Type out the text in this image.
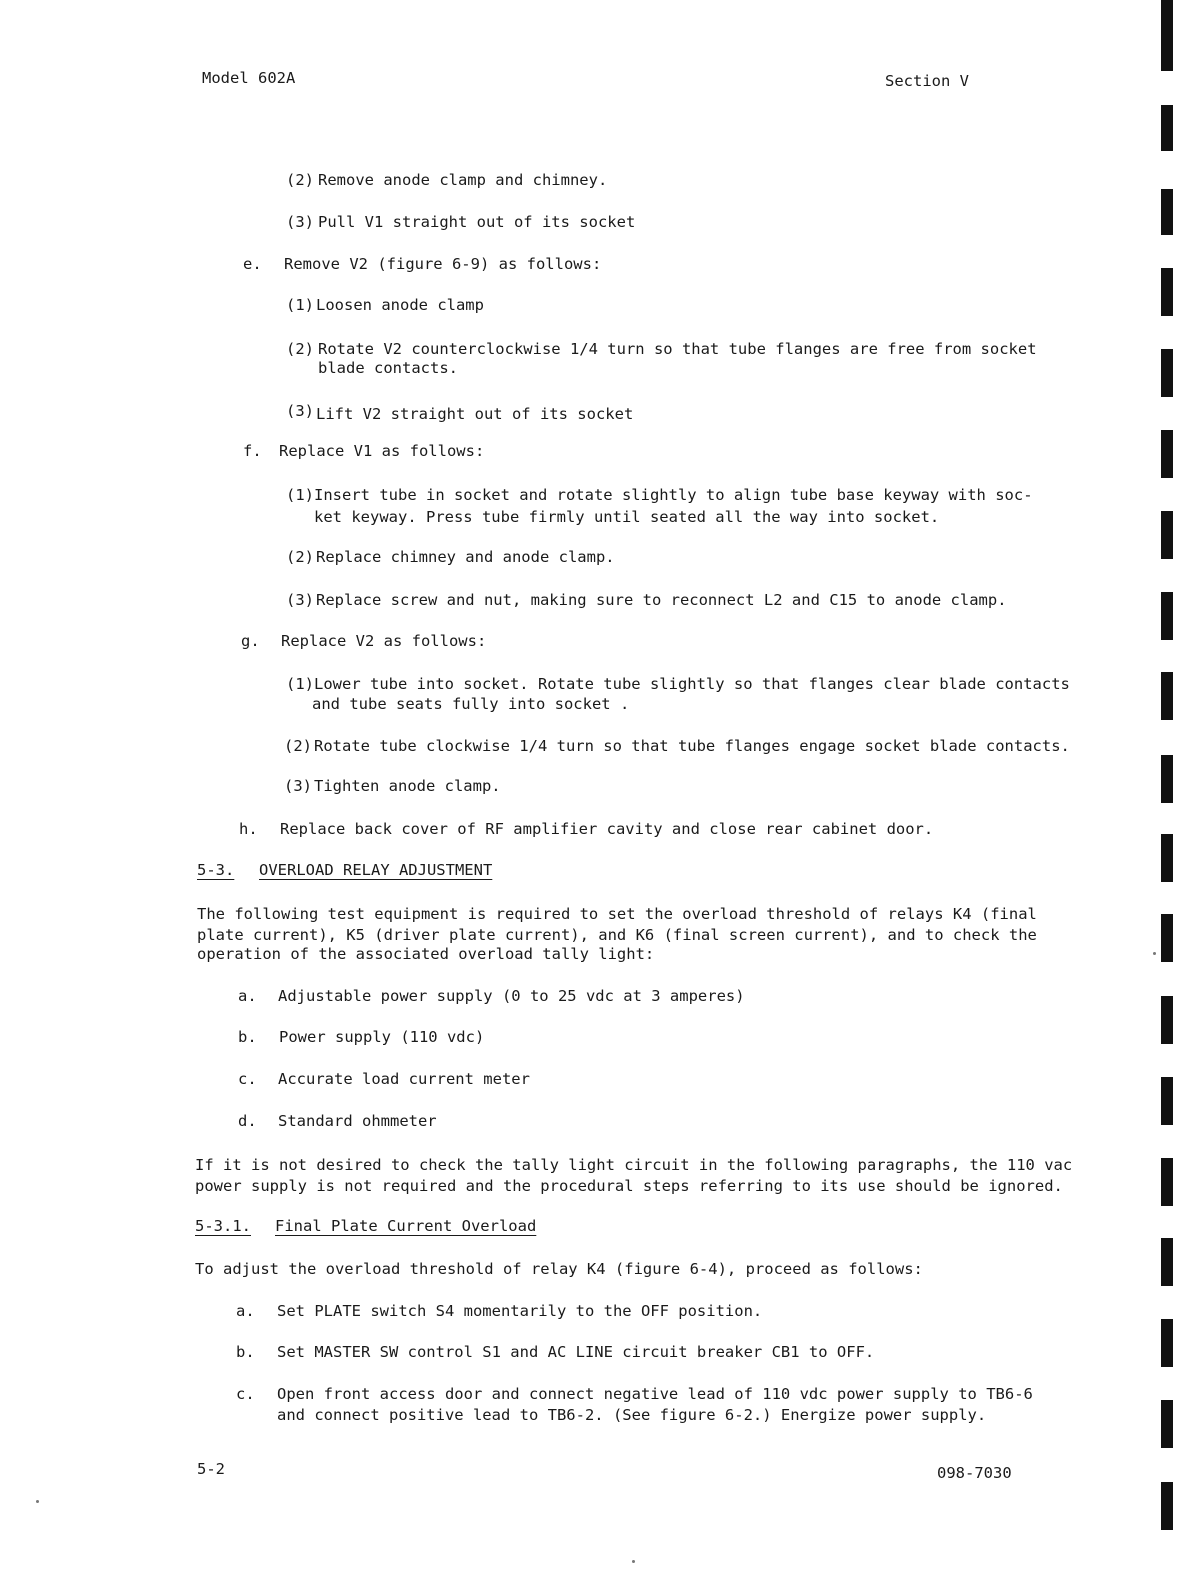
Model 602A	Section V
(2) Remove anode clamp and chimney.
(3) Pull V1 straight out of its socket
e. Remove V2 (figure 6-9) as follows:
(1) Loosen anode clamp
(2) Rotate V2 counterclockwise 1/4 turn so that tube flanges are free from socket
blade contacts.
(3) Lift V2 straight out of its socket
f. Replace V1 as follows:
(1) Insert tube in socket and rotate slightly to align tube base keyway with soc-
ket keyway. Press tube firmly until seated all the way into socket.
(2) Replace chimney and anode clamp.
(3) Replace screw and nut, making sure to reconnect L2 and C15 to anode clamp.
g. Replace V2 as follows:
(1) Lower tube into socket. Rotate tube slightly so that flanges clear blade contacts
and tube seats fully into socket .
(2) Rotate tube clockwise 1/4 turn so that tube flanges engage socket blade contacts.
(3) Tighten anode clamp.
h. Replace back cover of RF amplifier cavity and close rear cabinet door.
5-3. OVERLOAD RELAY ADJUSTMENT
The following test equipment is required to set the overload threshold of relays K4 (final
plate current), K5 (driver plate current), and K6 (final screen current), and to check the
operation of the associated overload tally light:
a. Adjustable power supply (0 to 25 vdc at 3 amperes)
b. Power supply (110 vdc)
c. Accurate load current meter
d. Standard ohmmeter
If it is not desired to check the tally light circuit in the following paragraphs, the 110 vac
power supply is not required and the procedural steps referring to its use should be ignored.
5-3.1. Final Plate Current Overload
To adjust the overload threshold of relay K4 (figure 6-4), proceed as follows:
a. Set PLATE switch S4 momentarily to the OFF position.
b. Set MASTER SW control S1 and AC LINE circuit breaker CB1 to OFF.
c. Open front access door and connect negative lead of 110 vdc power supply to TB6-6
and connect positive lead to TB6-2. (See figure 6-2.) Energize power supply.
5-2	098-7030
